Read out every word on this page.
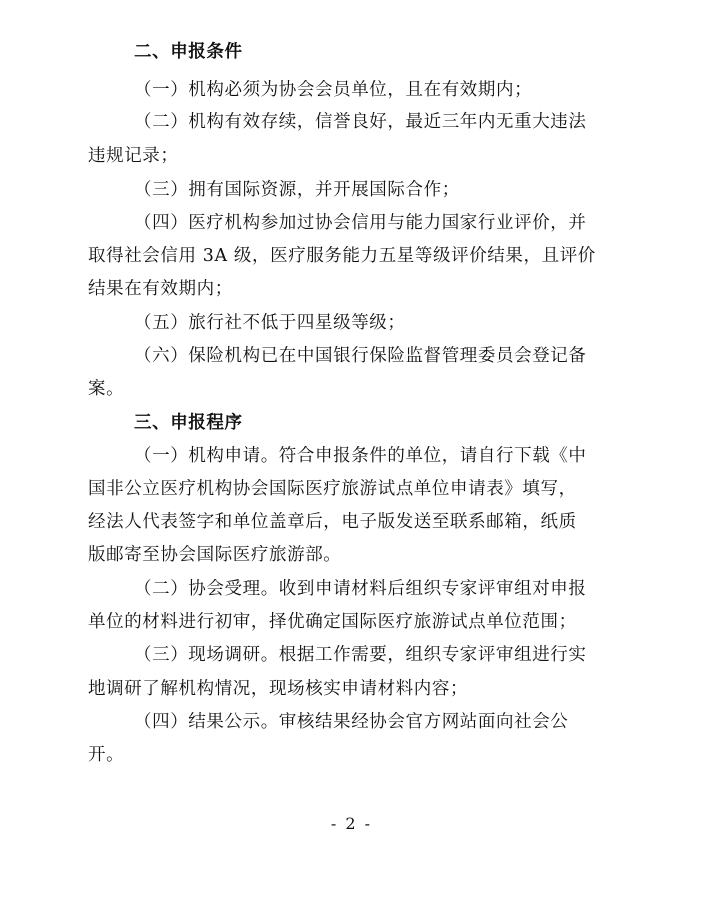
二、申报条件
（一）机构必须为协会会员单位，且在有效期内；
（二）机构有效存续，信誉良好，最近三年内无重大违法
违规记录；
（三）拥有国际资源，并开展国际合作；
（四）医疗机构参加过协会信用与能力国家行业评价，并
取得社会信用 3A 级，医疗服务能力五星等级评价结果，且评价
结果在有效期内；
（五）旅行社不低于四星级等级；
（六）保险机构已在中国银行保险监督管理委员会登记备
案。
三、申报程序
（一）机构申请。符合申报条件的单位，请自行下载《中
国非公立医疗机构协会国际医疗旅游试点单位申请表》填写，
经法人代表签字和单位盖章后，电子版发送至联系邮箱，纸质
版邮寄至协会国际医疗旅游部。
（二）协会受理。收到申请材料后组织专家评审组对申报
单位的材料进行初审，择优确定国际医疗旅游试点单位范围；
（三）现场调研。根据工作需要，组织专家评审组进行实
地调研了解机构情况，现场核实申请材料内容；
（四）结果公示。审核结果经协会官方网站面向社会公
开。
- 2 -
